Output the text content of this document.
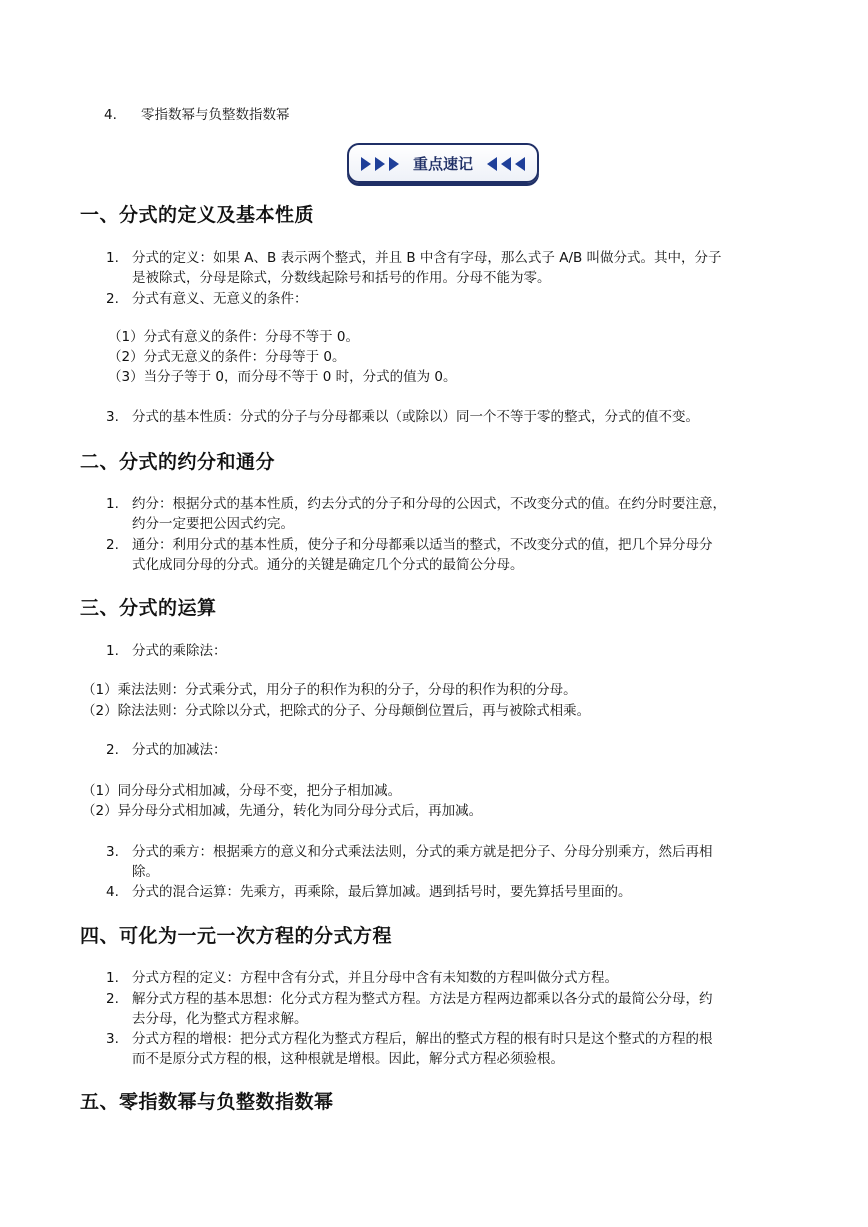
4. 零指数幂与负整数指数幂
重点速记
一、分式的定义及基本性质
1. 分式的定义：如果 A、B 表示两个整式，并且 B 中含有字母，那么式子 A/B 叫做分式。其中，分子
是被除式，分母是除式，分数线起除号和括号的作用。分母不能为零。
2. 分式有意义、无意义的条件：
（1）分式有意义的条件：分母不等于 0。
（2）分式无意义的条件：分母等于 0。
（3）当分子等于 0，而分母不等于 0 时，分式的值为 0。
3. 分式的基本性质：分式的分子与分母都乘以（或除以）同一个不等于零的整式，分式的值不变。
二、分式的约分和通分
1. 约分：根据分式的基本性质，约去分式的分子和分母的公因式，不改变分式的值。在约分时要注意，
约分一定要把公因式约完。
2. 通分：利用分式的基本性质，使分子和分母都乘以适当的整式，不改变分式的值，把几个异分母分
式化成同分母的分式。通分的关键是确定几个分式的最简公分母。
三、分式的运算
1. 分式的乘除法：
（1）乘法法则：分式乘分式，用分子的积作为积的分子，分母的积作为积的分母。
（2）除法法则：分式除以分式，把除式的分子、分母颠倒位置后，再与被除式相乘。
2. 分式的加减法：
（1）同分母分式相加减，分母不变，把分子相加减。
（2）异分母分式相加减，先通分，转化为同分母分式后，再加减。
3. 分式的乘方：根据乘方的意义和分式乘法法则，分式的乘方就是把分子、分母分别乘方，然后再相
除。
4. 分式的混合运算：先乘方，再乘除，最后算加减。遇到括号时，要先算括号里面的。
四、可化为一元一次方程的分式方程
1. 分式方程的定义：方程中含有分式，并且分母中含有未知数的方程叫做分式方程。
2. 解分式方程的基本思想：化分式方程为整式方程。方法是方程两边都乘以各分式的最简公分母，约
去分母，化为整式方程求解。
3. 分式方程的增根：把分式方程化为整式方程后，解出的整式方程的根有时只是这个整式的方程的根
而不是原分式方程的根，这种根就是增根。因此，解分式方程必须验根。
五、零指数幂与负整数指数幂
